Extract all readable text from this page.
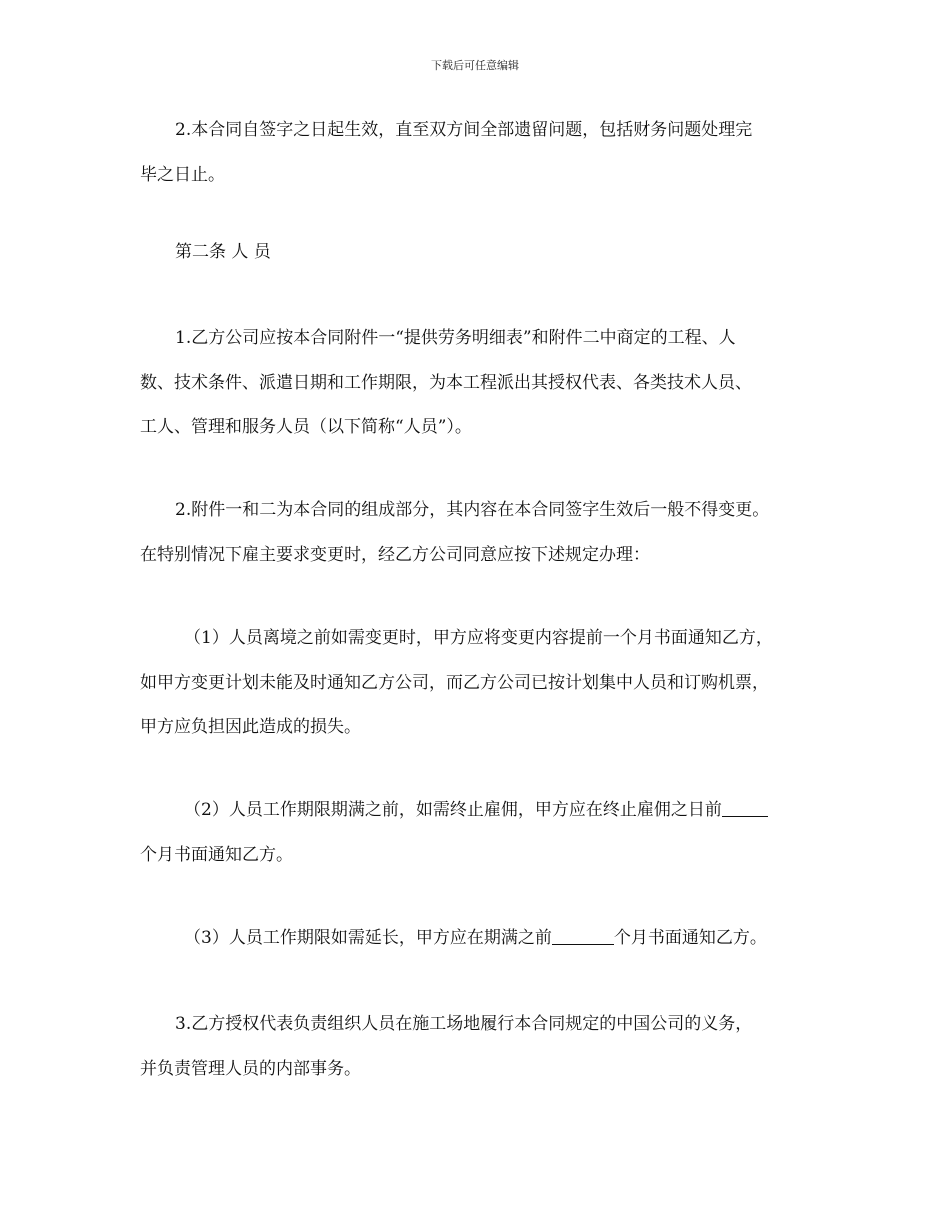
下载后可任意编辑

2.本合同自签字之日起生效，直至双方间全部遗留问题，包括财务问题处理完
毕之日止。

第二条 人 员

1.乙方公司应按本合同附件一“提供劳务明细表”和附件二中商定的工程、人
数、技术条件、派遣日期和工作期限，为本工程派出其授权代表、各类技术人员、
工人、管理和服务人员（以下简称“人员”）。

2.附件一和二为本合同的组成部分，其内容在本合同签字生效后一般不得变更。
在特别情况下雇主要求变更时，经乙方公司同意应按下述规定办理：

（1）人员离境之前如需变更时，甲方应将变更内容提前一个月书面通知乙方，
如甲方变更计划未能及时通知乙方公司，而乙方公司已按计划集中人员和订购机票，
甲方应负担因此造成的损失。

（2）人员工作期限期满之前，如需终止雇佣，甲方应在终止雇佣之日前
个月书面通知乙方。

（3）人员工作期限如需延长，甲方应在期满之前	个月书面通知乙方。

3.乙方授权代表负责组织人员在施工场地履行本合同规定的中国公司的义务，
并负责管理人员的内部事务。
